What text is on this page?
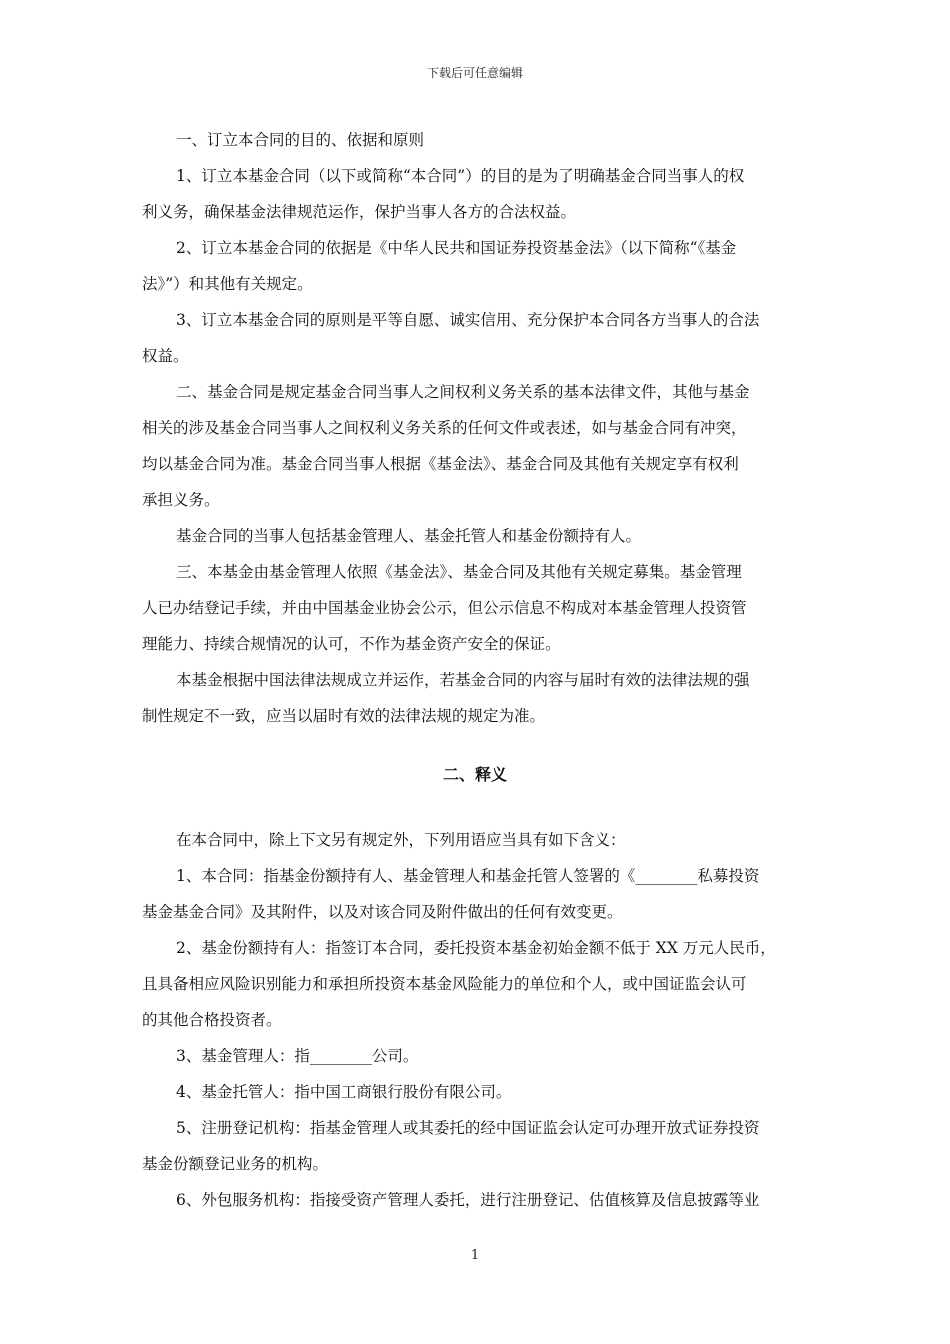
下载后可任意编辑
一、订立本合同的目的、依据和原则
1、订立本基金合同（以下或简称“本合同”）的目的是为了明确基金合同当事人的权
利义务，确保基金法律规范运作，保护当事人各方的合法权益。
2、订立本基金合同的依据是《中华人民共和国证券投资基金法》（以下简称“《基金
法》”）和其他有关规定。
3、订立本基金合同的原则是平等自愿、诚实信用、充分保护本合同各方当事人的合法
权益。
二、基金合同是规定基金合同当事人之间权利义务关系的基本法律文件，其他与基金
相关的涉及基金合同当事人之间权利义务关系的任何文件或表述，如与基金合同有冲突，
均以基金合同为准。基金合同当事人根据《基金法》、基金合同及其他有关规定享有权利
承担义务。
基金合同的当事人包括基金管理人、基金托管人和基金份额持有人。
三、本基金由基金管理人依照《基金法》、基金合同及其他有关规定募集。基金管理
人已办结登记手续，并由中国基金业协会公示，但公示信息不构成对本基金管理人投资管
理能力、持续合规情况的认可，不作为基金资产安全的保证。
本基金根据中国法律法规成立并运作，若基金合同的内容与届时有效的法律法规的强
制性规定不一致，应当以届时有效的法律法规的规定为准。
二、释义
在本合同中，除上下文另有规定外，下列用语应当具有如下含义：
1、本合同：指基金份额持有人、基金管理人和基金托管人签署的《________私募投资
基金基金合同》及其附件，以及对该合同及附件做出的任何有效变更。
2、基金份额持有人：指签订本合同，委托投资本基金初始金额不低于 XX 万元人民币，
且具备相应风险识别能力和承担所投资本基金风险能力的单位和个人，或中国证监会认可
的其他合格投资者。
3、基金管理人：指________公司。
4、基金托管人：指中国工商银行股份有限公司。
5、注册登记机构：指基金管理人或其委托的经中国证监会认定可办理开放式证券投资
基金份额登记业务的机构。
6、外包服务机构：指接受资产管理人委托，进行注册登记、估值核算及信息披露等业
1
